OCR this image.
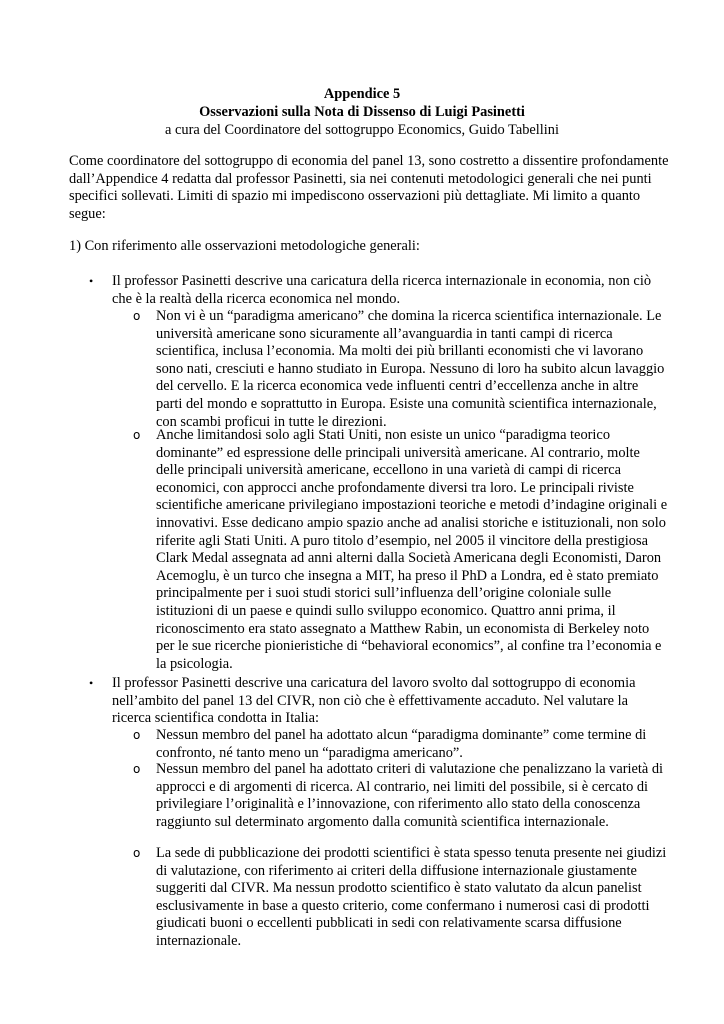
Appendice 5
Osservazioni sulla Nota di Dissenso di Luigi Pasinetti
a cura del Coordinatore del sottogruppo Economics, Guido Tabellini

Come coordinatore del sottogruppo di economia del panel 13, sono costretto a dissentire profondamente dall’Appendice 4 redatta dal professor Pasinetti, sia nei contenuti metodologici generali che nei punti specifici sollevati. Limiti di spazio mi impediscono osservazioni più dettagliate. Mi limito a quanto segue:

1) Con riferimento alle osservazioni metodologiche generali:

• Il professor Pasinetti descrive una caricatura della ricerca internazionale in economia, non ciò che è la realtà della ricerca economica nel mondo.

o Non vi è un “paradigma americano” che domina la ricerca scientifica internazionale. Le università americane sono sicuramente all’avanguardia in tanti campi di ricerca scientifica, inclusa l’economia. Ma molti dei più brillanti economisti che vi lavorano sono nati, cresciuti e hanno studiato in Europa. Nessuno di loro ha subito alcun lavaggio del cervello. E la ricerca economica vede influenti centri d’eccellenza anche in altre parti del mondo e soprattutto in Europa. Esiste una comunità scientifica internazionale, con scambi proficui in tutte le direzioni.

o Anche limitandosi solo agli Stati Uniti, non esiste un unico “paradigma teorico dominante” ed espressione delle principali università americane. Al contrario, molte delle principali università americane, eccellono in una varietà di campi di ricerca economici, con approcci anche profondamente diversi tra loro. Le principali riviste scientifiche americane privilegiano impostazioni teoriche e metodi d’indagine originali e innovativi. Esse dedicano ampio spazio anche ad analisi storiche e istituzionali, non solo riferite agli Stati Uniti. A puro titolo d’esempio, nel 2005 il vincitore della prestigiosa Clark Medal assegnata ad anni alterni dalla Società Americana degli Economisti, Daron Acemoglu, è un turco che insegna a MIT, ha preso il PhD a Londra, ed è stato premiato principalmente per i suoi studi storici sull’influenza dell’origine coloniale sulle istituzioni di un paese e quindi sullo sviluppo economico. Quattro anni prima, il riconoscimento era stato assegnato a Matthew Rabin, un economista di Berkeley noto per le sue ricerche pionieristiche di “behavioral economics”, al confine tra l’economia e la psicologia.

• Il professor Pasinetti descrive una caricatura del lavoro svolto dal sottogruppo di economia nell’ambito del panel 13 del CIVR, non ciò che è effettivamente accaduto. Nel valutare la ricerca scientifica condotta in Italia:

o Nessun membro del panel ha adottato alcun “paradigma dominante” come termine di confronto, né tanto meno un “paradigma americano”.

o Nessun membro del panel ha adottato criteri di valutazione che penalizzano la varietà di approcci e di argomenti di ricerca. Al contrario, nei limiti del possibile, si è cercato di privilegiare l’originalità e l’innovazione, con riferimento allo stato della conoscenza raggiunto sul determinato argomento dalla comunità scientifica internazionale.

o La sede di pubblicazione dei prodotti scientifici è stata spesso tenuta presente nei giudizi di valutazione, con riferimento ai criteri della diffusione internazionale giustamente suggeriti dal CIVR. Ma nessun prodotto scientifico è stato valutato da alcun panelist esclusivamente in base a questo criterio, come confermano i numerosi casi di prodotti giudicati buoni o eccellenti pubblicati in sedi con relativamente scarsa diffusione internazionale.
